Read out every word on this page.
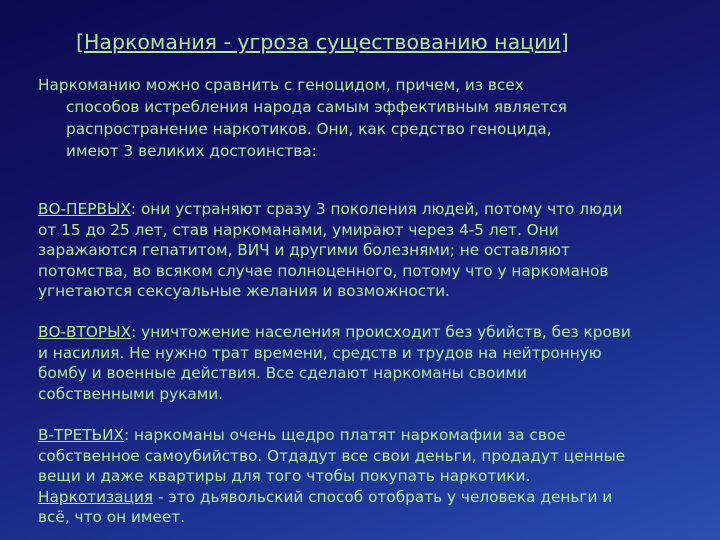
[Наркомания - угроза существованию нации]

Наркоманию можно сравнить с геноцидом, причем, из всех
способов истребления народа самым эффективным является
распространение наркотиков. Они, как средство геноцида,
имеют 3 великих достоинства:

ВО-ПЕРВЫХ: они устраняют сразу 3 поколения людей, потому что люди
от 15 до 25 лет, став наркоманами, умирают через 4-5 лет. Они
заражаются гепатитом, ВИЧ и другими болезнями; не оставляют
потомства, во всяком случае полноценного, потому что у наркоманов
угнетаются сексуальные желания и возможности.

ВО-ВТОРЫХ: уничтожение населения происходит без убийств, без крови
и насилия. Не нужно трат времени, средств и трудов на нейтронную
бомбу и военные действия. Все сделают наркоманы своими
собственными руками.

В-ТРЕТЬИХ: наркоманы очень щедро платят наркомафии за свое
собственное самоубийство. Отдадут все свои деньги, продадут ценные
вещи и даже квартиры для того чтобы покупать наркотики.
Наркотизация - это дьявольский способ отобрать у человека деньги и
всё, что он имеет.
